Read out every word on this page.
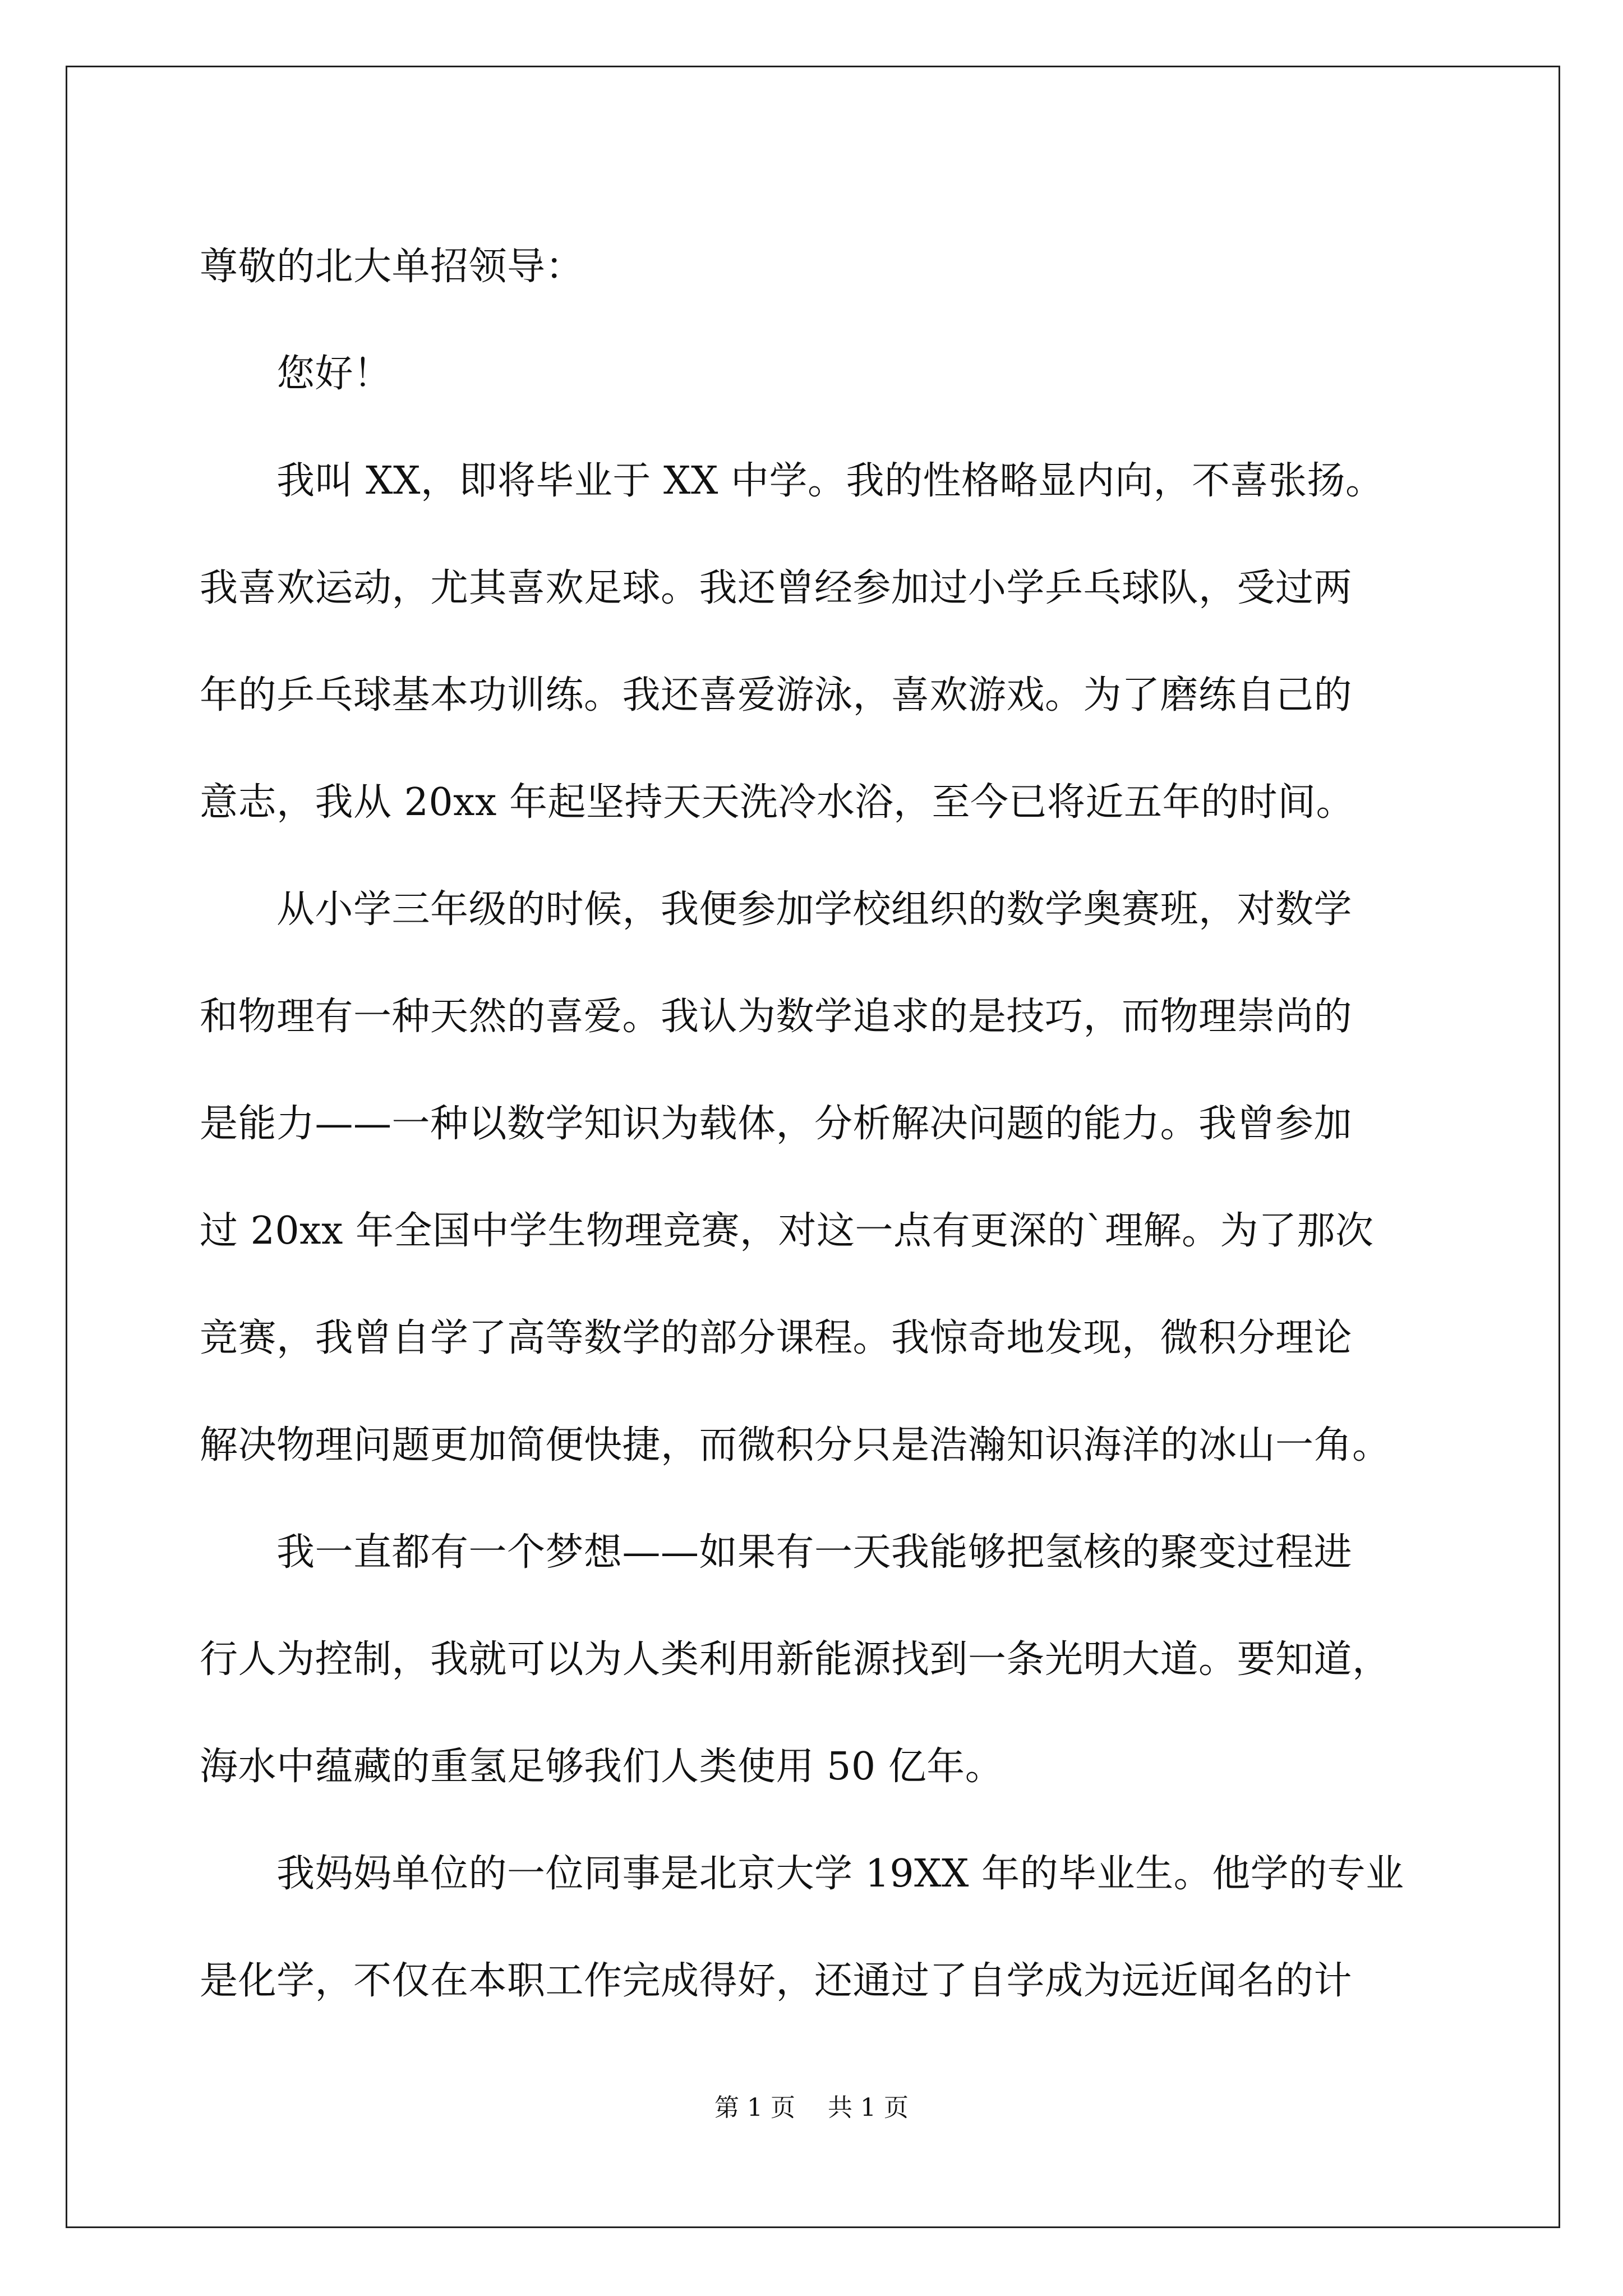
尊敬的北大单招领导：
　　您好！
　　我叫 XX，即将毕业于 XX 中学。我的性格略显内向，不喜张扬。
我喜欢运动，尤其喜欢足球。我还曾经参加过小学乒乓球队，受过两
年的乒乓球基本功训练。我还喜爱游泳，喜欢游戏。为了磨练自己的
意志，我从 20xx 年起坚持天天洗冷水浴，至今已将近五年的时间。
　　从小学三年级的时候，我便参加学校组织的数学奥赛班，对数学
和物理有一种天然的喜爱。我认为数学追求的是技巧，而物理崇尚的
是能力——一种以数学知识为载体，分析解决问题的能力。我曾参加
过 20xx 年全国中学生物理竞赛，对这一点有更深的`理解。为了那次
竞赛，我曾自学了高等数学的部分课程。我惊奇地发现，微积分理论
解决物理问题更加简便快捷，而微积分只是浩瀚知识海洋的冰山一角。
　　我一直都有一个梦想——如果有一天我能够把氢核的聚变过程进
行人为控制，我就可以为人类利用新能源找到一条光明大道。要知道，
海水中蕴藏的重氢足够我们人类使用 50 亿年。
　　我妈妈单位的一位同事是北京大学 19XX 年的毕业生。他学的专业
是化学，不仅在本职工作完成得好，还通过了自学成为远近闻名的计
第 1 页　 共 1 页
